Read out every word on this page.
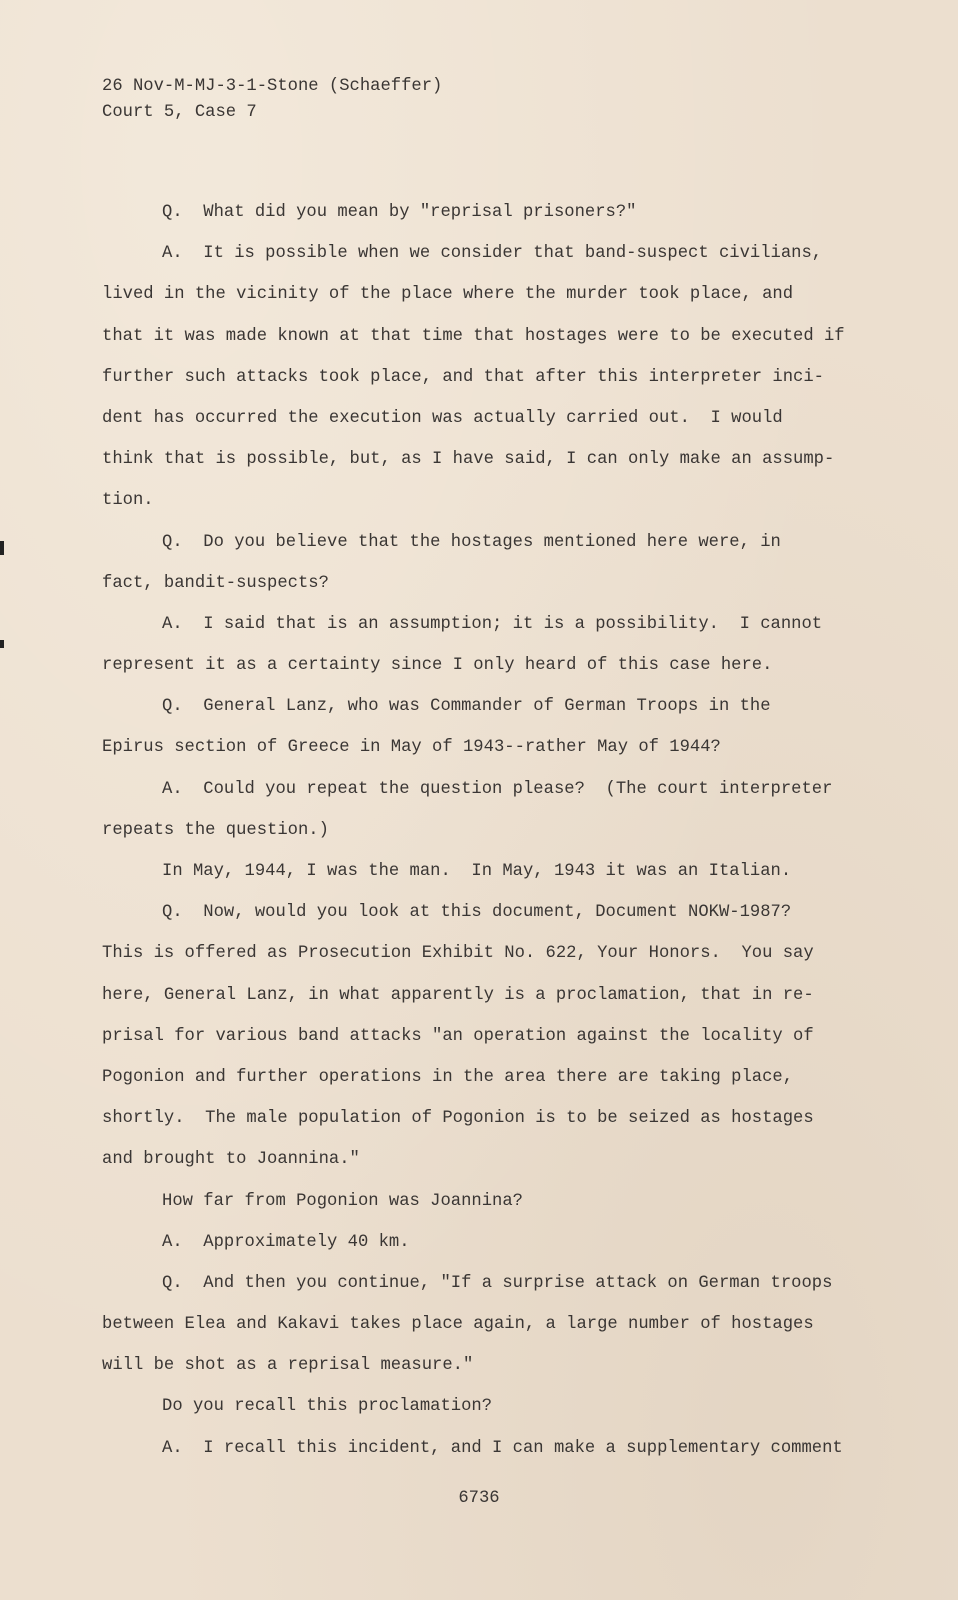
26 Nov-M-MJ-3-1-Stone (Schaeffer)
Court 5, Case 7
Q.  What did you mean by "reprisal prisoners?"
A.  It is possible when we consider that band-suspect civilians,
lived in the vicinity of the place where the murder took place, and
that it was made known at that time that hostages were to be executed if
further such attacks took place, and that after this interpreter inci-
dent has occurred the execution was actually carried out.  I would
think that is possible, but, as I have said, I can only make an assump-
tion.
Q.  Do you believe that the hostages mentioned here were, in
fact, bandit-suspects?
A.  I said that is an assumption; it is a possibility.  I cannot
represent it as a certainty since I only heard of this case here.
Q.  General Lanz, who was Commander of German Troops in the
Epirus section of Greece in May of 1943--rather May of 1944?
A.  Could you repeat the question please?  (The court interpreter
repeats the question.)
In May, 1944, I was the man.  In May, 1943 it was an Italian.
Q.  Now, would you look at this document, Document NOKW-1987?
This is offered as Prosecution Exhibit No. 622, Your Honors.  You say
here, General Lanz, in what apparently is a proclamation, that in re-
prisal for various band attacks "an operation against the locality of
Pogonion and further operations in the area there are taking place,
shortly.  The male population of Pogonion is to be seized as hostages
and brought to Joannina."
How far from Pogonion was Joannina?
A.  Approximately 40 km.
Q.  And then you continue, "If a surprise attack on German troops
between Elea and Kakavi takes place again, a large number of hostages
will be shot as a reprisal measure."
Do you recall this proclamation?
A.  I recall this incident, and I can make a supplementary comment
6736
